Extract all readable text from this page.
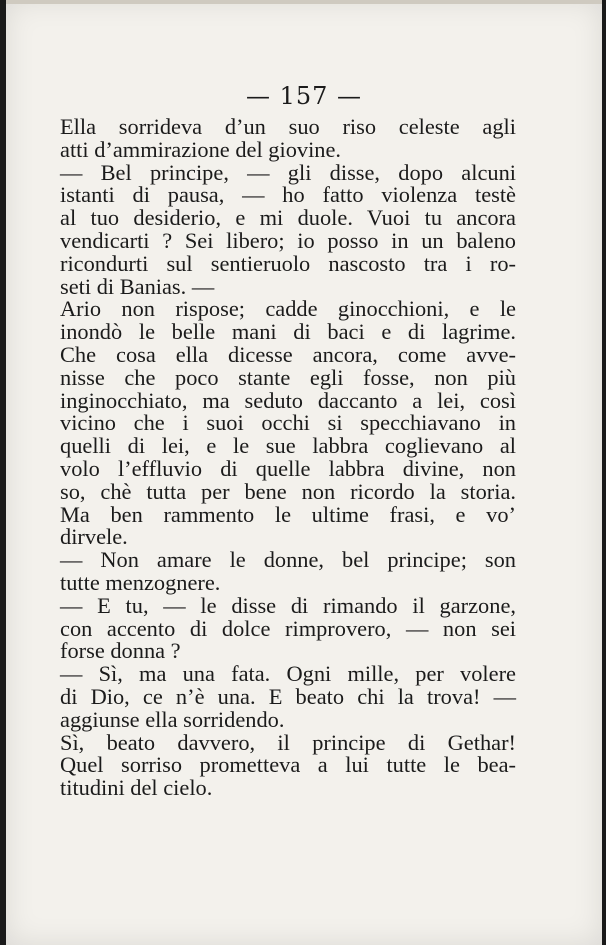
— 157 —
Ella sorrideva d’un suo riso celeste agli
atti d’ammirazione del giovine.
— Bel principe, — gli disse, dopo alcuni
istanti di pausa, — ho fatto violenza testè
al tuo desiderio, e mi duole. Vuoi tu ancora
vendicarti ? Sei libero; io posso in un baleno
ricondurti sul sentieruolo nascosto tra i ro-
seti di Banias. —
Ario non rispose; cadde ginocchioni, e le
inondò le belle mani di baci e di lagrime.
Che cosa ella dicesse ancora, come avve-
nisse che poco stante egli fosse, non più
inginocchiato, ma seduto daccanto a lei, così
vicino che i suoi occhi si specchiavano in
quelli di lei, e le sue labbra coglievano al
volo l’effluvio di quelle labbra divine, non
so, chè tutta per bene non ricordo la storia.
Ma ben rammento le ultime frasi, e vo’
dirvele.
— Non amare le donne, bel principe; son
tutte menzognere.
— E tu, — le disse di rimando il garzone,
con accento di dolce rimprovero, — non sei
forse donna ?
— Sì, ma una fata. Ogni mille, per volere
di Dio, ce n’è una. E beato chi la trova! —
aggiunse ella sorridendo.
Sì, beato davvero, il principe di Gethar!
Quel sorriso prometteva a lui tutte le bea-
titudini del cielo.
